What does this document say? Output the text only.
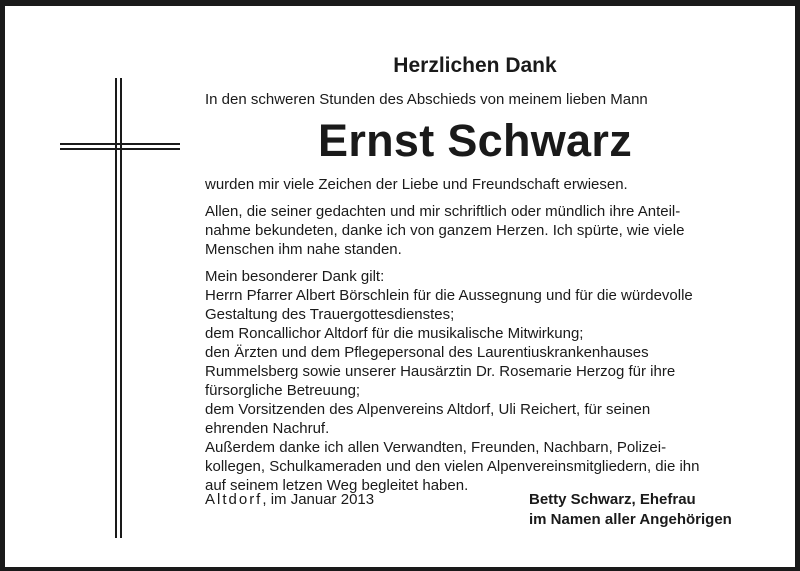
Herzlichen Dank

In den schweren Stunden des Abschieds von meinem lieben Mann

Ernst Schwarz

wurden mir viele Zeichen der Liebe und Freundschaft erwiesen.

Allen, die seiner gedachten und mir schriftlich oder mündlich ihre Anteil-
nahme bekundeten, danke ich von ganzem Herzen. Ich spürte, wie viele
Menschen ihm nahe standen.

Mein besonderer Dank gilt:
Herrn Pfarrer Albert Börschlein für die Aussegnung und für die würdevolle
Gestaltung des Trauergottesdienstes;
dem Roncallichor Altdorf für die musikalische Mitwirkung;
den Ärzten und dem Pflegepersonal des Laurentiuskrankenhauses
Rummelsberg sowie unserer Hausärztin Dr. Rosemarie Herzog für ihre
fürsorgliche Betreuung;
dem Vorsitzenden des Alpenvereins Altdorf, Uli Reichert, für seinen
ehrenden Nachruf.
Außerdem danke ich allen Verwandten, Freunden, Nachbarn, Polizei-
kollegen, Schulkameraden und den vielen Alpenvereinsmitgliedern, die ihn
auf seinem letzen Weg begleitet haben.

Altdorf, im Januar 2013	Betty Schwarz, Ehefrau
im Namen aller Angehörigen
